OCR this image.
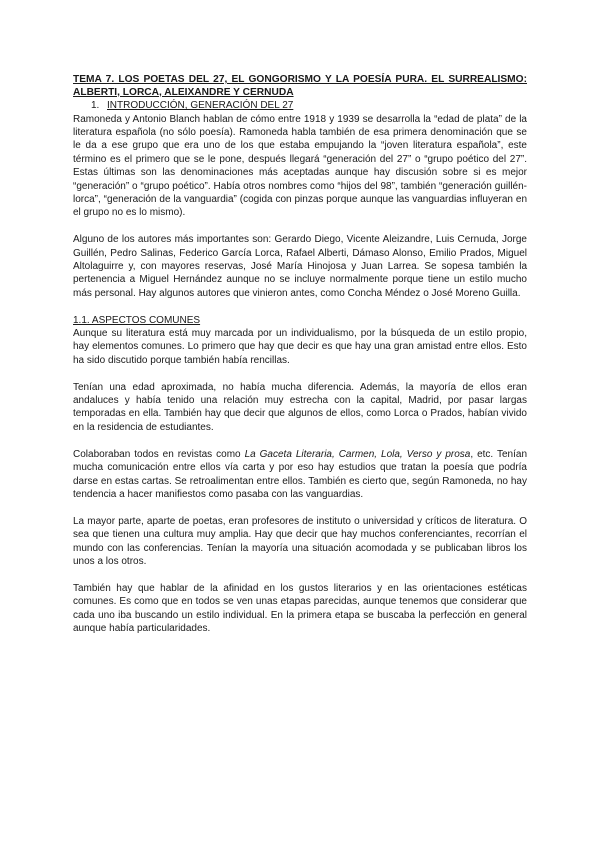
TEMA 7. LOS POETAS DEL 27, EL GONGORISMO Y LA POESÍA PURA. EL SURREALISMO: ALBERTI, LORCA, ALEIXANDRE Y CERNUDA

1. INTRODUCCIÓN, GENERACIÓN DEL 27

Ramoneda y Antonio Blanch hablan de cómo entre 1918 y 1939 se desarrolla la “edad de plata” de la literatura española (no sólo poesía). Ramoneda habla también de esa primera denominación que se le da a ese grupo que era uno de los que estaba empujando la “joven literatura española”, este término es el primero que se le pone, después llegará “generación del 27” o “grupo poético del 27”. Estas últimas son las denominaciones más aceptadas aunque hay discusión sobre si es mejor “generación” o “grupo poético”. Había otros nombres como “hijos del 98”, también “generación guillén-lorca”, “generación de la vanguardia” (cogida con pinzas porque aunque las vanguardias influyeran en el grupo no es lo mismo).

Alguno de los autores más importantes son: Gerardo Diego, Vicente Aleizandre, Luis Cernuda, Jorge Guillén, Pedro Salinas, Federico García Lorca, Rafael Alberti, Dámaso Alonso, Emilio Prados, Miguel Altolaguirre y, con mayores reservas, José María Hinojosa y Juan Larrea. Se sopesa también la pertenencia a Miguel Hernández aunque no se incluye normalmente porque tiene un estilo mucho más personal. Hay algunos autores que vinieron antes, como Concha Méndez o José Moreno Guilla.

1.1. ASPECTOS COMUNES

Aunque su literatura está muy marcada por un individualismo, por la búsqueda de un estilo propio, hay elementos comunes. Lo primero que hay que decir es que hay una gran amistad entre ellos. Esto ha sido discutido porque también había rencillas.

Tenían una edad aproximada, no había mucha diferencia. Además, la mayoría de ellos eran andaluces y había tenido una relación muy estrecha con la capital, Madrid, por pasar largas temporadas en ella. También hay que decir que algunos de ellos, como Lorca o Prados, habían vivido en la residencia de estudiantes.

Colaboraban todos en revistas como La Gaceta Literaria, Carmen, Lola, Verso y prosa, etc. Tenían mucha comunicación entre ellos vía carta y por eso hay estudios que tratan la poesía que podría darse en estas cartas. Se retroalimentan entre ellos. También es cierto que, según Ramoneda, no hay tendencia a hacer manifiestos como pasaba con las vanguardias.

La mayor parte, aparte de poetas, eran profesores de instituto o universidad y críticos de literatura. O sea que tienen una cultura muy amplia. Hay que decir que hay muchos conferenciantes, recorrían el mundo con las conferencias. Tenían la mayoría una situación acomodada y se publicaban libros los unos a los otros.

También hay que hablar de la afinidad en los gustos literarios y en las orientaciones estéticas comunes. Es como que en todos se ven unas etapas parecidas, aunque tenemos que considerar que cada uno iba buscando un estilo individual. En la primera etapa se buscaba la perfección en general aunque había particularidades.
